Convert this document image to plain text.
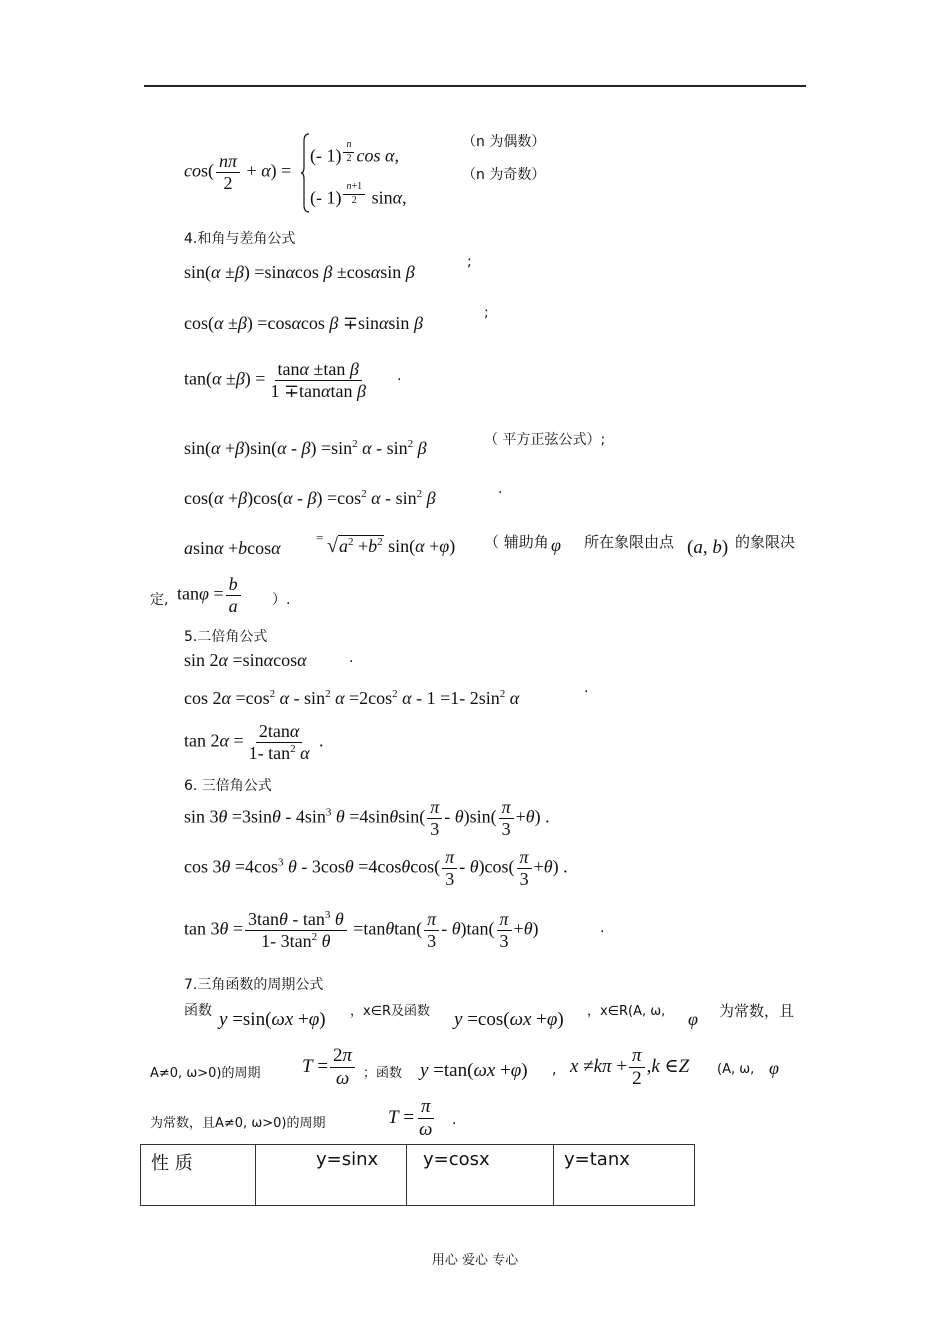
$\cos( \frac{n\pi}{2} + \alpha)$ =
(- 1) $^{\frac{n}{2}}$ cos α,
(- 1) $^{\frac{n+1}{2}}$ sinα,
（n 为偶数）
（n 为奇数）
4.和角与差角公式
sin(α ±β) =sinαcos β ±cosαsin β	;
cos(α ±β) =cosαcos β ∓sinαsin β	;
$\tan(\alpha \pm\beta) = \frac{\text{tanα ±tan β}}{\text{1 ∓tanαtan β}}$ .
$\sin(\alpha +\beta)\sin(\alpha - \beta) =\sin^2$ α - $\sin^2 \beta$	（ 平方正弦公式）;
$\cos(\alpha +\beta)\cos(\alpha - \beta) =\cos^2$ α - $\sin^2 \beta$	.
asinα +bcosα
= $√a^2 +b^2$ sin(α +φ) （ 辅助角 φ 所在象限由点 (a, b) 的象限决
定, $\tan\varphi = \frac{b}{a}$ ）.
5.二倍角公式
sin 2α =sinαcosα	.
$\cos 2\alpha =\cos^2$ $\alpha - \sin^2 \alpha =2\cos^2$ α - 1 =1- $2\sin^2$ α	.
$\tan 2\alpha = \frac{2\tan\alpha}{1- \tan^2 \alpha}$ .
6. 三倍角公式
$\sin 3\theta =3\sin\theta - 4\sin^3$ $\theta =4\sin\theta\sin( \frac{\pi}{3} - \theta)\sin( \frac{\pi}{3} +\theta)$ .
$\cos 3\theta =4\cos^3$ $\theta - 3\cos\theta =4\cos\theta\cos( \frac{\pi}{3} - \theta)\cos( \frac{\pi}{3} +\theta)$ .
$\tan 3\theta = \frac{3\tan\theta - \tan^3 \theta}{1- 3\tan^2 \theta} =\tan\theta\tan( \frac{\pi}{3} - \theta)\tan( \frac{\pi}{3} +\theta)$	.
7.三角函数的周期公式
函数 y =sin(ωx +φ) ，x∈R及函数 y =cos(ωx +φ) ，x∈R(A, ω, φ 为常数，且
A≠0, ω>0)的周期 $T = \frac{2\pi}{\omega}$ ；函数 y =tan(ωx +φ) , $x \ne k\pi + \frac{\pi}{2} ,k$ ∈Z (A, ω, φ
为常数，且A≠0, ω>0)的周期	$T = \frac{\pi}{\omega}$ .
性 质	y=sinx	y=cosx	y=tanx
用心 爱心 专心
